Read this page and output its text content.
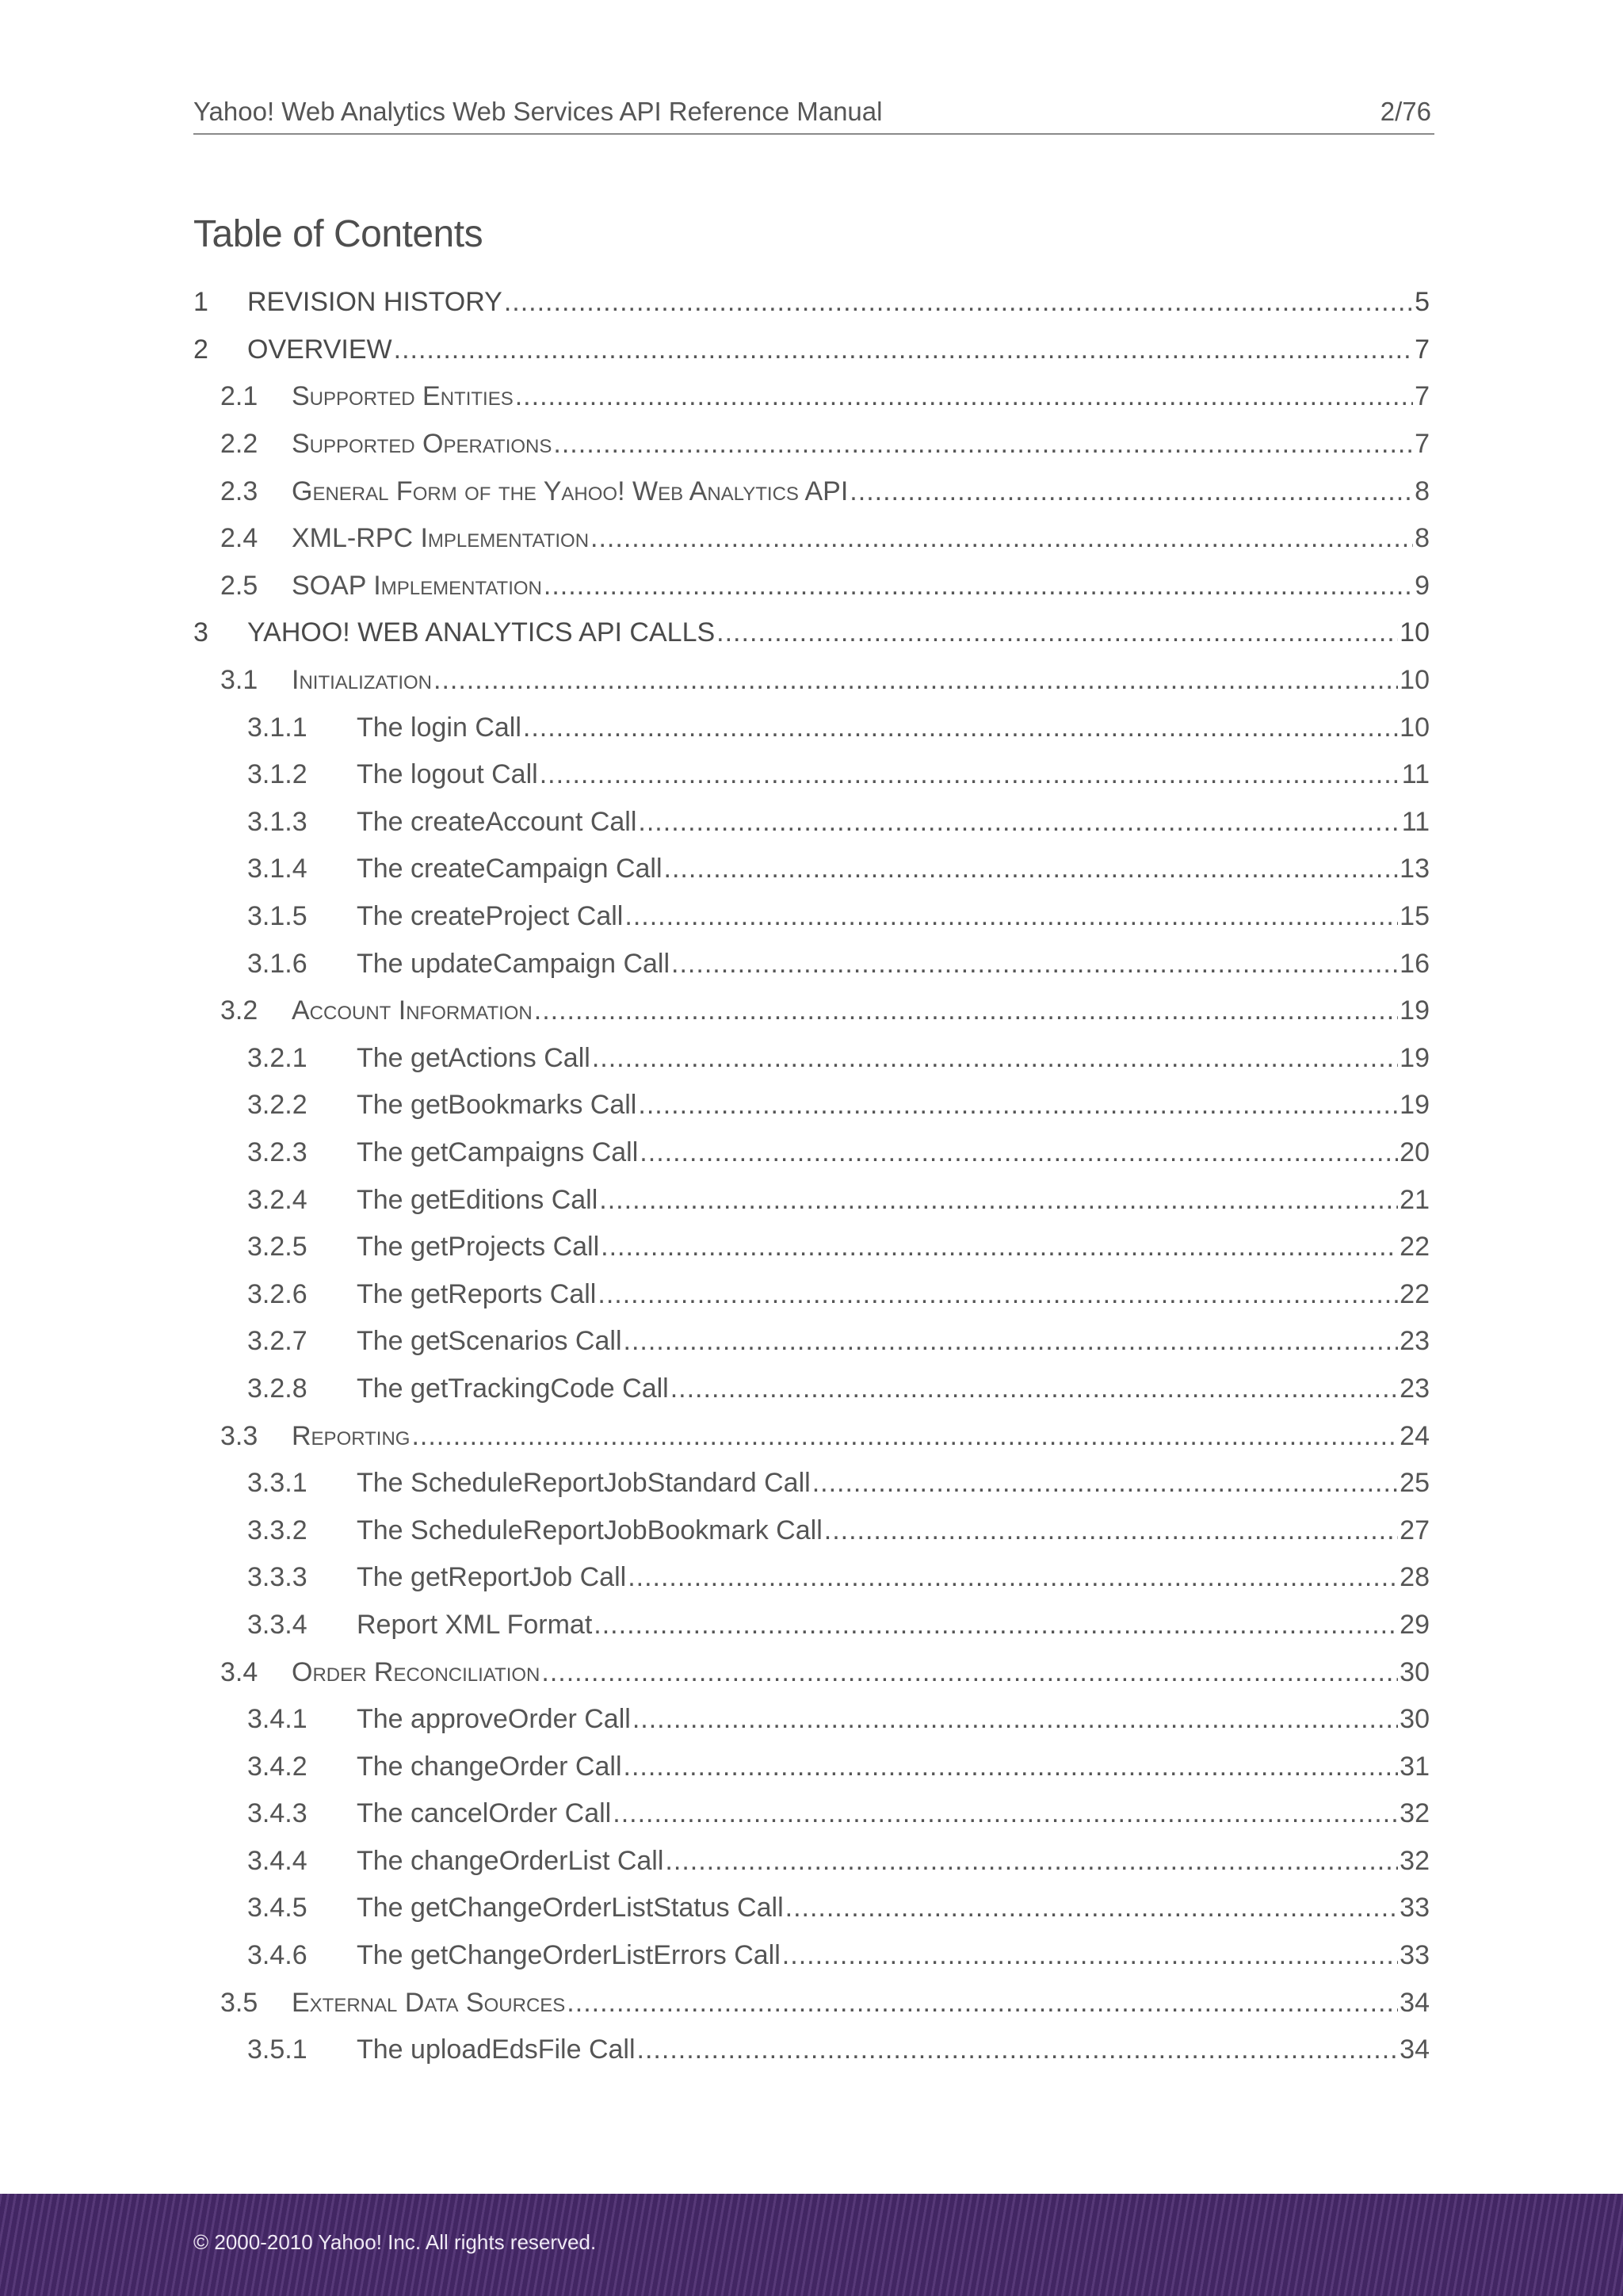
Yahoo! Web Analytics Web Services API Reference Manual	2/76
Table of Contents
1 REVISION HISTORY .....	5
2 OVERVIEW .....	7
2.1 Supported Entities .....	7
2.2 Supported Operations .....	7
2.3 General Form of the Yahoo! Web Analytics API .....	8
2.4 XML-RPC Implementation .....	8
2.5 SOAP Implementation .....	9
3 YAHOO! WEB ANALYTICS API CALLS .....	10
3.1 Initialization .....	10
3.1.1 The login Call .....	10
3.1.2 The logout Call .....	11
3.1.3 The createAccount Call .....	11
3.1.4 The createCampaign Call .....	13
3.1.5 The createProject Call .....	15
3.1.6 The updateCampaign Call .....	16
3.2 Account Information .....	19
3.2.1 The getActions Call .....	19
3.2.2 The getBookmarks Call .....	19
3.2.3 The getCampaigns Call .....	20
3.2.4 The getEditions Call .....	21
3.2.5 The getProjects Call .....	22
3.2.6 The getReports Call .....	22
3.2.7 The getScenarios Call .....	23
3.2.8 The getTrackingCode Call .....	23
3.3 Reporting .....	24
3.3.1 The ScheduleReportJobStandard Call .....	25
3.3.2 The ScheduleReportJobBookmark Call .....	27
3.3.3 The getReportJob Call .....	28
3.3.4 Report XML Format .....	29
3.4 Order Reconciliation .....	30
3.4.1 The approveOrder Call .....	30
3.4.2 The changeOrder Call .....	31
3.4.3 The cancelOrder Call .....	32
3.4.4 The changeOrderList Call .....	32
3.4.5 The getChangeOrderListStatus Call .....	33
3.4.6 The getChangeOrderListErrors Call .....	33
3.5 External Data Sources .....	34
3.5.1 The uploadEdsFile Call .....	34
© 2000-2010 Yahoo! Inc. All rights reserved.
